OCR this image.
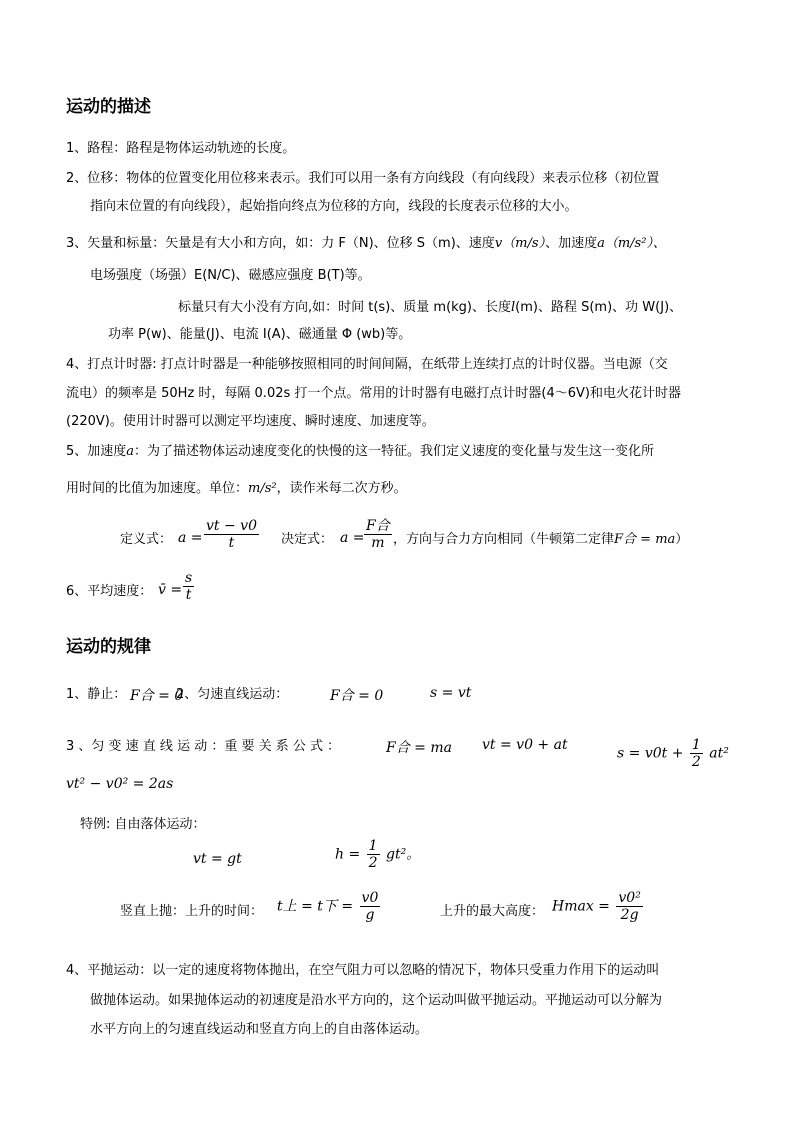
运动的描述
1、路程：路程是物体运动轨迹的长度。
2、位移：物体的位置变化用位移来表示。我们可以用一条有方向线段（有向线段）来表示位移（初位置
指向末位置的有向线段），起始指向终点为位移的方向，线段的长度表示位移的大小。
3、矢量和标量：矢量是有大小和方向，如：力 F（N)、位移 S（m)、速度v（m/s）、加速度a（m/s²）、
电场强度（场强）E(N/C)、磁感应强度 B(T)等。
标量只有大小没有方向,如：时间 t(s)、质量 m(kg)、长度l(m)、路程 S(m)、功 W(J)、
功率 P(w)、能量(J)、电流 I(A)、磁通量 Φ (wb)等。
4、打点计时器: 打点计时器是一种能够按照相同的时间间隔，在纸带上连续打点的计时仪器。当电源（交
流电）的频率是 50Hz 时，每隔 0.02s 打一个点。常用的计时器有电磁打点计时器(4～6V)和电火花计时器
(220V)。使用计时器可以测定平均速度、瞬时速度、加速度等。
5、加速度a：为了描述物体运动速度变化的快慢的这一特征。我们定义速度的变化量与发生这一变化所
用时间的比值为加速度。单位：m/s²，读作米每二次方秒。
定义式： $a = \frac{vt - v0}{t}$ 决定式： $a = \frac{\text{F合}}{m}$ ，方向与合力方向相同（牛顿第二定律F合 = ma）
6、平均速度： v̄ = $\frac{s}{t}$
运动的规律
1、静止： F合 = 0
2、匀速直线运动：	F合 = 0	s = vt
3 、匀 变 速 直 线 运 动 ：重 要 关 系 公 式 ：	F合 = ma vt = v0 + at
$s = v0t + \frac{1}{2} at^2$
vt² − v0² = 2as
特例: 自由落体运动：
vt = gt	$h = \frac{1}{2} gt^2$。
竖直上抛：上升的时间： t上 = t下 = $\frac{v0}{g}$	上升的最大高度： $Hmax = \frac{\text{v0²}}{2g}$
4、平抛运动：以一定的速度将物体抛出，在空气阻力可以忽略的情况下，物体只受重力作用下的运动叫
做抛体运动。如果抛体运动的初速度是沿水平方向的，这个运动叫做平抛运动。平抛运动可以分解为
水平方向上的匀速直线运动和竖直方向上的自由落体运动。
